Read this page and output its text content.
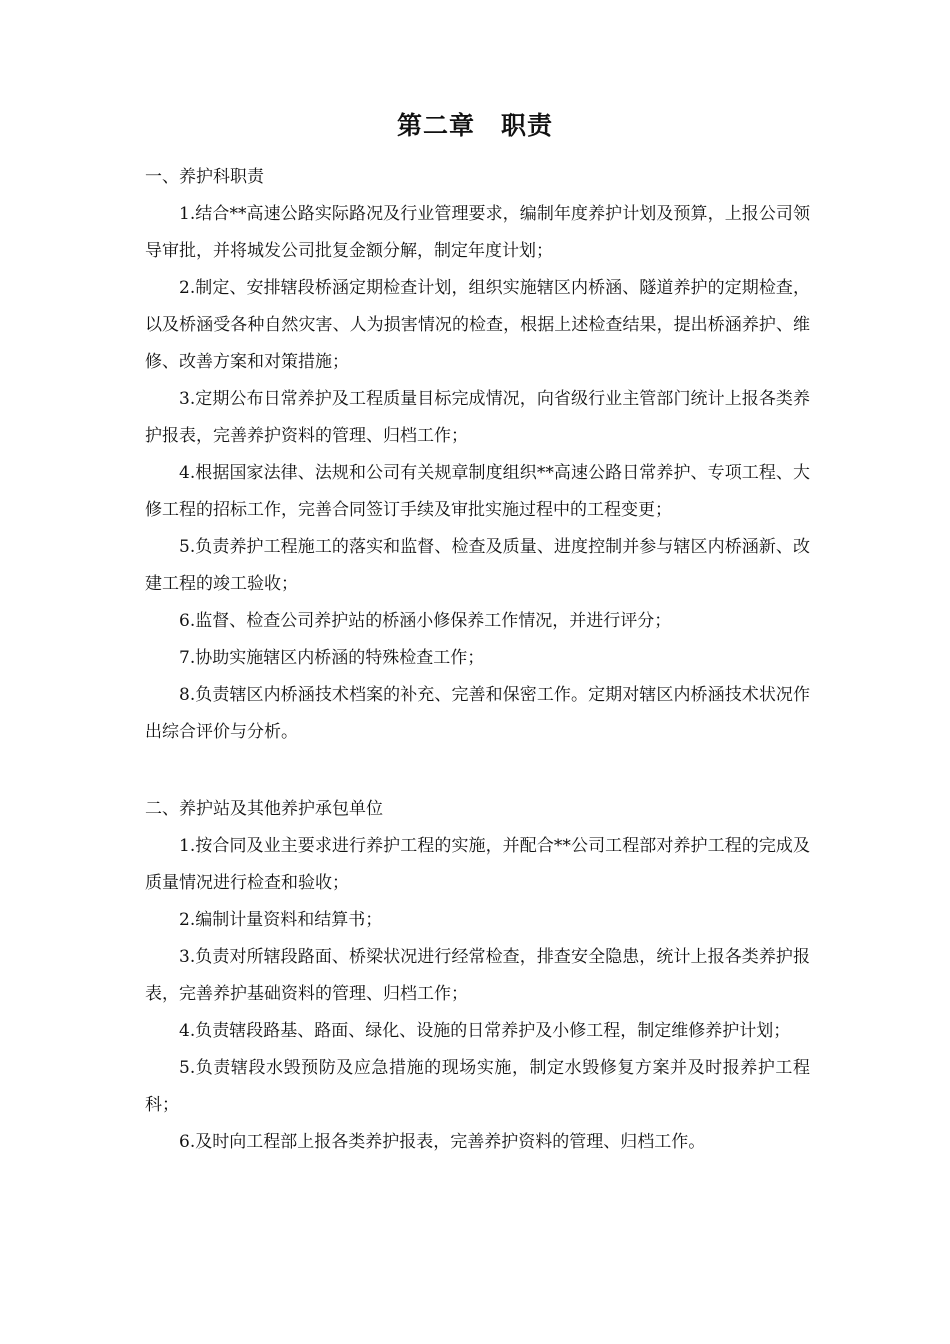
第二章　职责
一、养护科职责

1.结合**高速公路实际路况及行业管理要求，编制年度养护计划及预算，上报公司领导审批，并将城发公司批复金额分解，制定年度计划；

2.制定、安排辖段桥涵定期检查计划，组织实施辖区内桥涵、隧道养护的定期检查，以及桥涵受各种自然灾害、人为损害情况的检查，根据上述检查结果，提出桥涵养护、维修、改善方案和对策措施；

3.定期公布日常养护及工程质量目标完成情况，向省级行业主管部门统计上报各类养护报表，完善养护资料的管理、归档工作；

4.根据国家法律、法规和公司有关规章制度组织**高速公路日常养护、专项工程、大修工程的招标工作，完善合同签订手续及审批实施过程中的工程变更；

5.负责养护工程施工的落实和监督、检查及质量、进度控制并参与辖区内桥涵新、改建工程的竣工验收；

6.监督、检查公司养护站的桥涵小修保养工作情况，并进行评分；

7.协助实施辖区内桥涵的特殊检查工作；

8.负责辖区内桥涵技术档案的补充、完善和保密工作。定期对辖区内桥涵技术状况作出综合评价与分析。

二、养护站及其他养护承包单位

1.按合同及业主要求进行养护工程的实施，并配合**公司工程部对养护工程的完成及质量情况进行检查和验收；

2.编制计量资料和结算书；

3.负责对所辖段路面、桥梁状况进行经常检查，排查安全隐患，统计上报各类养护报表，完善养护基础资料的管理、归档工作；

4.负责辖段路基、路面、绿化、设施的日常养护及小修工程，制定维修养护计划；

5.负责辖段水毁预防及应急措施的现场实施，制定水毁修复方案并及时报养护工程科；

6.及时向工程部上报各类养护报表，完善养护资料的管理、归档工作。
